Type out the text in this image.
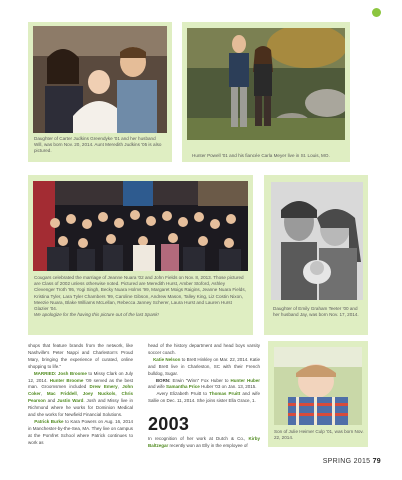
Daughter of Carter Judkins Greendyke '01 and her husband Will, was born Nov. 20, 2014. Aunt Meredith Judkins '05 is also pictured.

Hunter Powell '01 and his fiancée Carla Meyer live in St. Louis, MO.

Cougars celebrated the marriage of Jeanne Nuara '02 and John Fields on Nov. 8, 2013. Those pictured are Class of 2002 unless otherwise noted. Pictured are Meredith Hurst, Amber Stoford, Ashley Clevenger Troth '95, Yogi Singh, Becky Nuara Holms '99, Margaret Moigs Raigins, Jeanne Nuara Fields, Kristina Tyler, Lara Tyler Chambers '99, Caroline Gibson, Andrew Mason, Talley King, Liz Costin Nixon, Meezie Nuara, Blake Williams McLellan, Rebecca Janney Scherer, Laura Hurst and Lauren Hurst Glazier '04.

We apologize for the having this picture out of the last Spank!

Daughter of Emily Graham Teeter '00 and her husband Jay, was born Nov. 17, 2014.

shops that feature brands from the network, like Nashville's Peter Nappi and Charleston's Proud Mary, bringing the experience of curated, online shopping to life."

MARRIED: Josh Broome to Missy Clark on July 12, 2014. Hunter Broome '09 served as the best man. Groomsmen included Drew Emery, John Coker, Mac Friddell, Joey Nuckols, Chris Pearson and Justin Ward. Josh and Missy live in Richmond where he works for Dominion Medical and she works for Newfield Financial Solutions.

Patrick Burke to Kara Powers on Aug. 16, 2014 in Manchester-by-the-Sea, MA. They live on campus at the Pomfret School where Patrick continues to work as

head of the history department and head boys varsity soccer coach.

Katie Nelson to Brett Hinkley on Mar. 22, 2014. Katie and Brett live in Charleston, SC with their French bulldog, Sugar.

BORN: Erwin "Winn" Fox Huber to Hunter Huber and wife Samantha Price Huber '03 on Jan. 13, 2015.

Avery Elizabeth Pruitt to Thomas Pruitt and wife Sallie on Dec. 11, 2014. She joins sister Ella Grace, 1.

2003

In recognition of her work at Dutch & Co., Kirby Baltzegar recently won an Elly in the employee of

Son of Julie Heimer Culp '01, was born Nov. 22, 2014.

SPRING 2015 79
